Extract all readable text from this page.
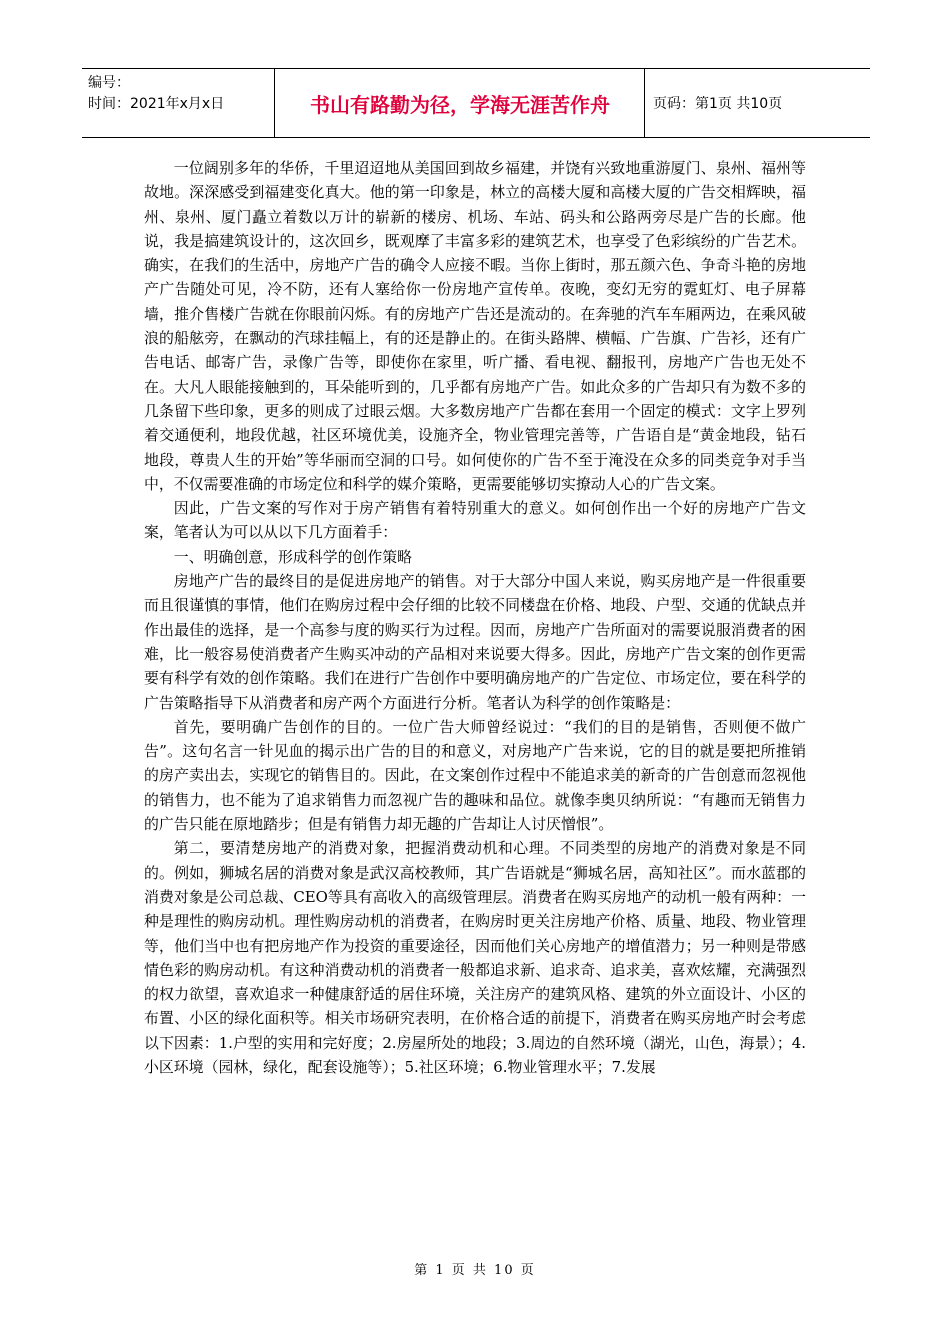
编号：
时间：2021年x月x日	书山有路勤为径，学海无涯苦作舟	页码：第1页 共10页

一位阔别多年的华侨，千里迢迢地从美国回到故乡福建，并饶有兴致地重游厦门、泉州、福州等故地。深深感受到福建变化真大。他的第一印象是，林立的高楼大厦和高楼大厦的广告交相辉映，福州、泉州、厦门矗立着数以万计的崭新的楼房、机场、车站、码头和公路两旁尽是广告的长廊。他说，我是搞建筑设计的，这次回乡，既观摩了丰富多彩的建筑艺术，也享受了色彩缤纷的广告艺术。确实，在我们的生活中，房地产广告的确令人应接不暇。当你上街时，那五颜六色、争奇斗艳的房地产广告随处可见，冷不防，还有人塞给你一份房地产宣传单。夜晚，变幻无穷的霓虹灯、电子屏幕墙，推介售楼广告就在你眼前闪烁。有的房地产广告还是流动的。在奔驰的汽车车厢两边，在乘风破浪的船舷旁，在飘动的汽球挂幅上，有的还是静止的。在街头路牌、横幅、广告旗、广告衫，还有广告电话、邮寄广告，录像广告等，即使你在家里，听广播、看电视、翻报刊，房地产广告也无处不在。大凡人眼能接触到的，耳朵能听到的，几乎都有房地产广告。如此众多的广告却只有为数不多的几条留下些印象，更多的则成了过眼云烟。大多数房地产广告都在套用一个固定的模式：文字上罗列着交通便利，地段优越，社区环境优美，设施齐全，物业管理完善等，广告语自是“黄金地段，钻石地段，尊贵人生的开始”等华丽而空洞的口号。如何使你的广告不至于淹没在众多的同类竞争对手当中，不仅需要准确的市场定位和科学的媒介策略，更需要能够切实撩动人心的广告文案。

因此，广告文案的写作对于房产销售有着特别重大的意义。如何创作出一个好的房地产广告文案，笔者认为可以从以下几方面着手：

一、明确创意，形成科学的创作策略

房地产广告的最终目的是促进房地产的销售。对于大部分中国人来说，购买房地产是一件很重要而且很谨慎的事情，他们在购房过程中会仔细的比较不同楼盘在价格、地段、户型、交通的优缺点并作出最佳的选择，是一个高参与度的购买行为过程。因而，房地产广告所面对的需要说服消费者的困难，比一般容易使消费者产生购买冲动的产品相对来说要大得多。因此，房地产广告文案的创作更需要有科学有效的创作策略。我们在进行广告创作中要明确房地产的广告定位、市场定位，要在科学的广告策略指导下从消费者和房产两个方面进行分析。笔者认为科学的创作策略是：

首先，要明确广告创作的目的。一位广告大师曾经说过：“我们的目的是销售，否则便不做广告”。这句名言一针见血的揭示出广告的目的和意义，对房地产广告来说，它的目的就是要把所推销的房产卖出去，实现它的销售目的。因此，在文案创作过程中不能追求美的新奇的广告创意而忽视他的销售力，也不能为了追求销售力而忽视广告的趣味和品位。就像李奥贝纳所说：“有趣而无销售力的广告只能在原地踏步；但是有销售力却无趣的广告却让人讨厌憎恨”。

第二，要清楚房地产的消费对象，把握消费动机和心理。不同类型的房地产的消费对象是不同的。例如，狮城名居的消费对象是武汉高校教师，其广告语就是“狮城名居，高知社区”。而水蓝郡的消费对象是公司总裁、CEO等具有高收入的高级管理层。消费者在购买房地产的动机一般有两种：一种是理性的购房动机。理性购房动机的消费者，在购房时更关注房地产价格、质量、地段、物业管理等，他们当中也有把房地产作为投资的重要途径，因而他们关心房地产的增值潜力；另一种则是带感情色彩的购房动机。有这种消费动机的消费者一般都追求新、追求奇、追求美，喜欢炫耀，充满强烈的权力欲望，喜欢追求一种健康舒适的居住环境，关注房产的建筑风格、建筑的外立面设计、小区的布置、小区的绿化面积等。相关市场研究表明，在价格合适的前提下，消费者在购买房地产时会考虑以下因素：1.户型的实用和完好度；2.房屋所处的地段；3.周边的自然环境（湖光，山色，海景）；4.小区环境（园林，绿化，配套设施等）；5.社区环境；6.物业管理水平；7.发展

第 1 页 共 10 页
